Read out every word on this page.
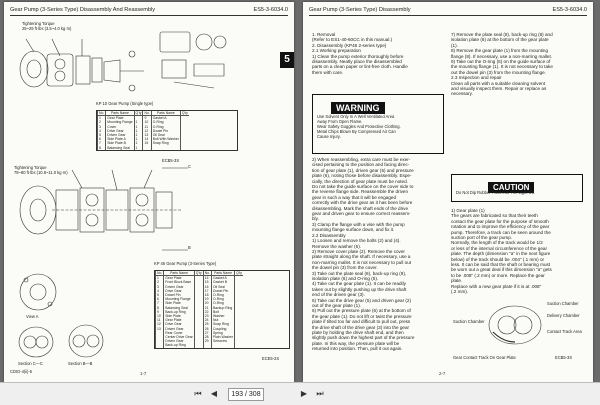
Gear Pump (3-Series Type) Disassembly And Reassembly	ES5-3-6034.0
5
Tightening Torque
25~29 ft·lbs (3.5~4.0 kg·m)
KP 10 Gear Pump (Single type)
No.	Parts Name	Q'ty	No.	Parts Name	Q'ty
1	Gear Plate		9	Gasket A	
2	Mounting Flange	1	10	O-Ring	
3	Cover	1	11	O-Ring	
4	Drive Gear	1	12	Dowel Pin	
5	Driven Gear	1	13	Oil Seal	
6	Side Plate A	1	14	Bolt With Washer	
7	Side Plate B	1	15	Snap Ring	
8	Balancing Seal	1			
ECB5-3S
Tightening Torque
78~80 ft·lbs (10.8~11.0 kg·m)
C
B
View A
Section C—C	Section B—B
CDIO-4(ii)-5
KP 46 Gear Pump (3-Series Type)
No.	Parts Name	Q'ty	No.	Parts Name	Q'ty
1	Gear Plate		14	Gasket A	
2	Front Block Base		15	Gasket B	
3	Driven Gear		16	Oil Seal	
4	Drive Gear		17	Dowel Pin	
5	Dowel Pin		18	O-Ring	
6	Mounting Flange		19	O-Ring	
7	Side Plate		20	O-Ring	
8	Balancing Seal		21	Backup Ring	
9	Back-up Ring		22	Bolt	
10	Side Plate		23	Washer	
11	Gear Plate		24	Nut	
12	Drive Gear		25	Snap Ring	
13	Driven Gear		26	Coupling	
	Rear Cover		27	Spring	
	Center Drive Gear		28	Plain Washer	
	Driven Gear		29	Setscrew	
	Back-up Ring				
ECE5-2S
1-7
Gear Pump (3-Series Type) Disassembly	ES5-3-6034.0
1. Removal
(Refer to ES1-40-60CC in this manual.)
2. Disassembly (KP46 2-series type)
2.1 Working preparation
1) Clean the pump exterior thoroughly before
disassembly. Neatly place the disassembled
parts on a clean paper or lint-free cloth. Handle
them with care.
WARNING
Use Solvent Only In A Well Ventilated Area
Away From Open Flame.
Wear Safety Goggles And Protective Clothing.
Metal Chips Blown By Compressed Air Can
Cause Injury.
2) When reassembling, extra care must be exer-
cised pertaining to the position and facing direc-
tion of gear plate (1), driven gear (5) and pressure
plate (6), noting those before disassembly. Espe-
cially, the direction of gear plate must be noted.
Do not take the guide surface on the cover side to
the reverse flange side. Reassemble the driven
gear in such a way that it will be engaged
correctly with the drive gear as it has been before
disassembling. Mark the shaft ends of the drive
gear and driven gear to ensure correct reassem-
bly.
3) Clamp the flange with a vise with the pump
mounting flange surface down, and fix it.
2.2 Disassembly
1) Loosen and remove the bolts (2) and (4).
Remove the washer (5).
2) Remove cover plate (2). Remove the cover
plate straight along the shaft. If necessary, use a
non-marring mallet. It is not necessary to pull out
the dowel pin (3) from the cover.
3) Take out the plate seal (8), back-up ring (9),
isolation plate (6) and O-ring (5).
4) Take out the gear plate (1). It can be readily
taken out by slightly pushing up the drive shaft
end of the driven gear (3).
5) Take out the drive gear (5) and driven gear (2)
out of the gear plate (1).
6) Pull out the pressure plate (6) at the bottom of
the gear plate (1). Do not lift or twist the pressure
plate if tilted too far and difficult to pull out, press
the drive shaft of the drive gear (3) into the gear
plate by holding the drive shaft end, and then
slightly push down the highest part of the pressure
plate. In this way, the pressure plate will be
returned into position. Then, pull it out again.
7) Remove the plate seal (8), back-up ring (8) and
isolation plate (6) at the bottom of the gear plate
(1).
8) Remove the gear plate (1) from the mounting
flange (8). If necessary, use a non-marring mallet.
9) Take out the O-ring (5) on the guide surface of
the mounting flange (1). It is not necessary to take
out the dowel pin (3) from the mounting flange.
2.3 Inspection and repair
Clean all parts with a suitable cleaning solvent
and visually inspect them. Repair or replace as
necessary.
CAUTION
Do Not Dip Rubber Parts Into The Light Oil.
1) Gear plate (1)
The gears are fabricated so that their teeth
contact the gear plate for the purpose of smooth
rotation and to improve the efficiency of the gear
pump. Therefore, a track can be seen around the
suction port of the gear pump.
Normally, the length of the track would be 1/2
or less of the internal circumference of the gear
plate. The depth (dimension "a" in the next figure
below) of the track should be .004" (.1 mm) or
less. It can be said that the shaft or bearing must
be worn out a great deal if this dimension "a" gets
to be .008" (.2 mm) or more. Replace the gear
plate.
Replace with a new gear plate if it is at .008"
(.2 mm).
Suction Chamber
Delivery Chamber
Suction Chamber
Contact Track Area
Gear Contact Track On Gear Plate	ECB5-3S
2-7
⏮	◀	193 / 308	▶	⏭
